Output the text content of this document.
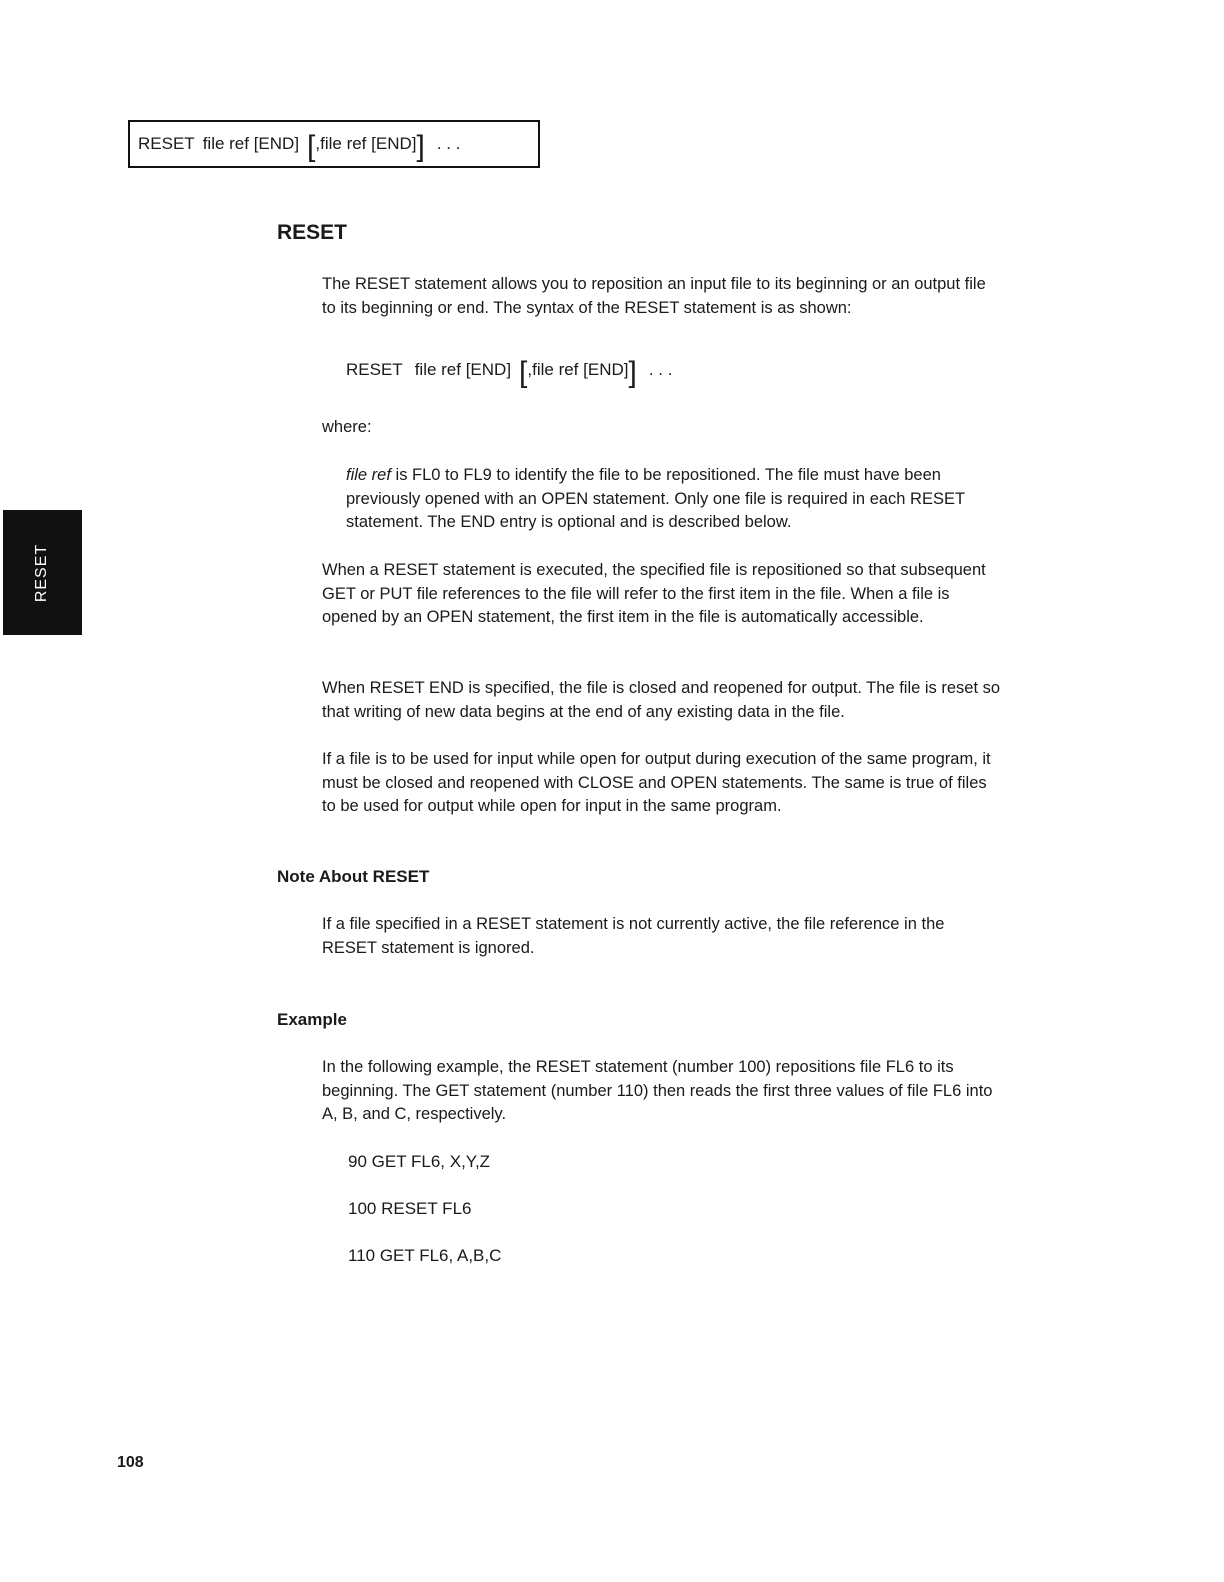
RESET file ref [END] [ ,file ref [END] ] . . .
RESET

The RESET statement allows you to reposition an input file to its beginning or an output file to its beginning or end. The syntax of the RESET statement is as shown:

RESET file ref [END] [ ,file ref [END] ] . . .
where:
file ref is FL0 to FL9 to identify the file to be repositioned. The file must have been previously opened with an OPEN statement. Only one file is required in each RESET statement. The END entry is optional and is described below.
When a RESET statement is executed, the specified file is repositioned so that subsequent GET or PUT file references to the file will refer to the first item in the file. When a file is opened by an OPEN statement, the first item in the file is automatically accessible.
When RESET END is specified, the file is closed and reopened for output. The file is reset so that writing of new data begins at the end of any existing data in the file.
If a file is to be used for input while open for output during execution of the same program, it must be closed and reopened with CLOSE and OPEN statements. The same is true of files to be used for output while open for input in the same program.
Note About RESET
If a file specified in a RESET statement is not currently active, the file reference in the RESET statement is ignored.
Example
In the following example, the RESET statement (number 100) repositions file FL6 to its beginning. The GET statement (number 110) then reads the first three values of file FL6 into A, B, and C, respectively.
90 GET FL6, X,Y,Z
100 RESET FL6
110 GET FL6, A,B,C
RESET
108
